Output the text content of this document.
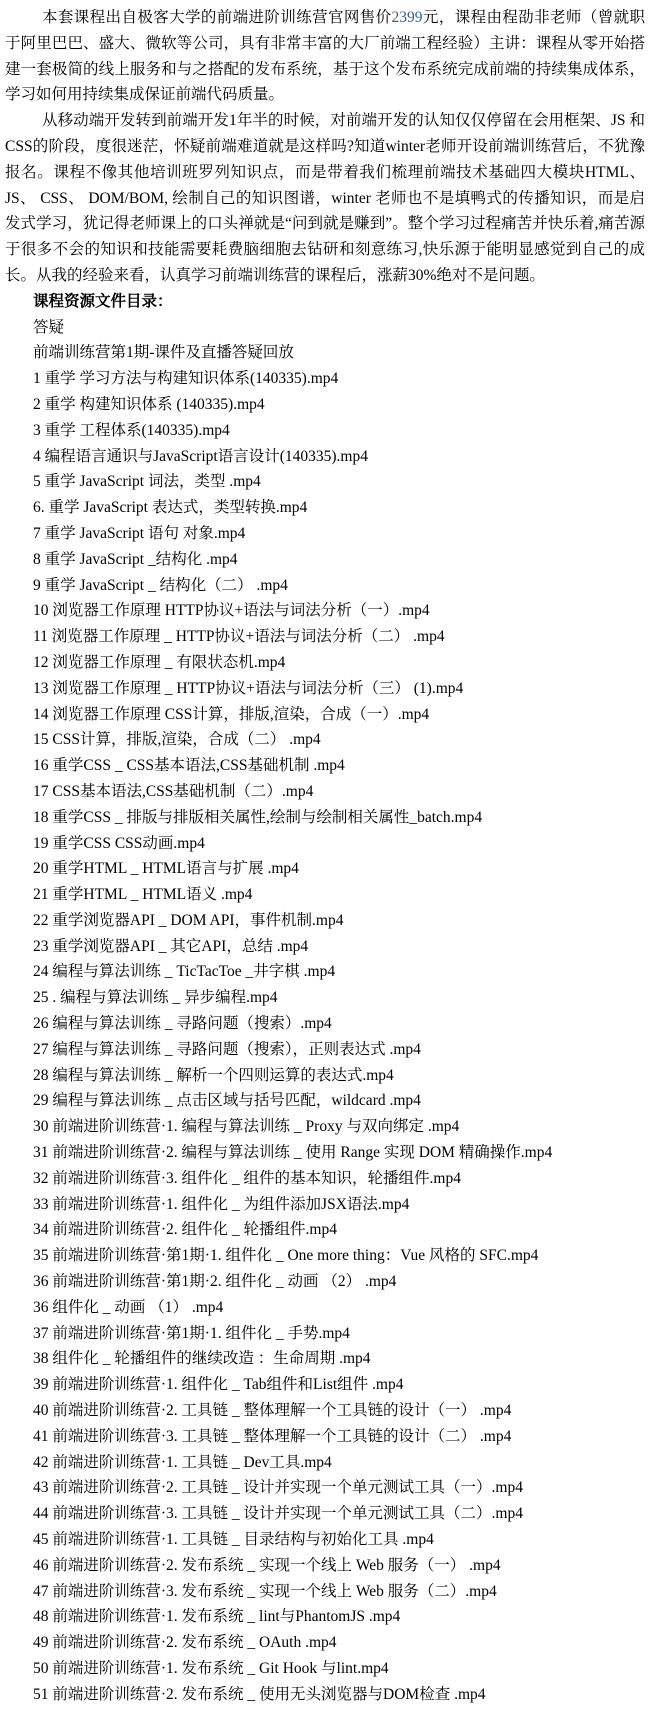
本套课程出自极客大学的前端进阶训练营官网售价2399元，课程由程劭非老师（曾就职于阿里巴巴、盛大、微软等公司，具有非常丰富的大厂前端工程经验）主讲：课程从零开始搭建一套极简的线上服务和与之搭配的发布系统，基于这个发布系统完成前端的持续集成体系，学习如何用持续集成保证前端代码质量。

从移动端开发转到前端开发1年半的时候，对前端开发的认知仅仅停留在会用框架、JS 和CSS的阶段，度很迷茫，怀疑前端难道就是这样吗?知道winter老师开设前端训练营后，不犹豫报名。课程不像其他培训班罗列知识点，而是带着我们梳理前端技术基础四大模块HTML、JS、 CSS、 DOM/BOM, 绘制自己的知识图谱，winter 老师也不是填鸭式的传播知识，而是启发式学习，犹记得老师课上的口头禅就是“问到就是赚到”。整个学习过程痛苦并快乐着,痛苦源于很多不会的知识和技能需要耗费脑细胞去钻研和刻意练习,快乐源于能明显感觉到自己的成长。从我的经验来看，认真学习前端训练营的课程后，涨薪30%绝对不是问题。

课程资源文件目录：

答疑
前端训练营第1期-课件及直播答疑回放
1 重学 学习方法与构建知识体系(140335).mp4
2 重学 构建知识体系 (140335).mp4
3 重学 工程体系(140335).mp4
4 编程语言通识与JavaScript语言设计(140335).mp4
5 重学 JavaScript 词法，类型 .mp4
6. 重学 JavaScript 表达式，类型转换.mp4
7 重学 JavaScript 语句 对象.mp4
8 重学 JavaScript _结构化 .mp4
9 重学 JavaScript _ 结构化（二） .mp4
10 浏览器工作原理 HTTP协议+语法与词法分析（一）.mp4
11 浏览器工作原理 _ HTTP协议+语法与词法分析（二） .mp4
12 浏览器工作原理 _ 有限状态机.mp4
13 浏览器工作原理 _ HTTP协议+语法与词法分析（三） (1).mp4
14 浏览器工作原理 CSS计算，排版,渲染，合成（一）.mp4
15 CSS计算，排版,渲染，合成（二） .mp4
16 重学CSS _ CSS基本语法,CSS基础机制 .mp4
17 CSS基本语法,CSS基础机制（二）.mp4
18 重学CSS _ 排版与排版相关属性,绘制与绘制相关属性_batch.mp4
19 重学CSS CSS动画.mp4
20 重学HTML _ HTML语言与扩展 .mp4
21 重学HTML _ HTML语义 .mp4
22 重学浏览器API _ DOM API，事件机制.mp4
23 重学浏览器API _ 其它API，总结 .mp4
24 编程与算法训练 _ TicTacToe _井字棋 .mp4
25 . 编程与算法训练 _ 异步编程.mp4
26 编程与算法训练 _ 寻路问题（搜索）.mp4
27 编程与算法训练 _ 寻路问题（搜索），正则表达式 .mp4
28 编程与算法训练 _ 解析一个四则运算的表达式.mp4
29 编程与算法训练 _ 点击区域与括号匹配，wildcard .mp4
30 前端进阶训练营·1. 编程与算法训练 _ Proxy 与双向绑定 .mp4
31 前端进阶训练营·2. 编程与算法训练 _ 使用 Range 实现 DOM 精确操作.mp4
32 前端进阶训练营·3. 组件化 _ 组件的基本知识，轮播组件.mp4
33 前端进阶训练营·1. 组件化 _ 为组件添加JSX语法.mp4
34 前端进阶训练营·2. 组件化 _ 轮播组件.mp4
35 前端进阶训练营·第1期·1. 组件化 _ One more thing：Vue 风格的 SFC.mp4
36 前端进阶训练营·第1期·2. 组件化 _ 动画 （2） .mp4
36 组件化 _ 动画 （1） .mp4
37 前端进阶训练营·第1期·1. 组件化 _ 手势.mp4
38 组件化 _ 轮播组件的继续改造 ：生命周期 .mp4
39 前端进阶训练营·1. 组件化 _ Tab组件和List组件 .mp4
40 前端进阶训练营·2. 工具链 _ 整体理解一个工具链的设计（一） .mp4
41 前端进阶训练营·3. 工具链 _ 整体理解一个工具链的设计（二） .mp4
42 前端进阶训练营·1. 工具链 _ Dev工具.mp4
43 前端进阶训练营·2. 工具链 _ 设计并实现一个单元测试工具（一）.mp4
44 前端进阶训练营·3. 工具链 _ 设计并实现一个单元测试工具（二）.mp4
45 前端进阶训练营·1. 工具链 _ 目录结构与初始化工具 .mp4
46 前端进阶训练营·2. 发布系统 _ 实现一个线上 Web 服务（一） .mp4
47 前端进阶训练营·3. 发布系统 _ 实现一个线上 Web 服务（二）.mp4
48 前端进阶训练营·1. 发布系统 _ lint与PhantomJS .mp4
49 前端进阶训练营·2. 发布系统 _ OAuth .mp4
50 前端进阶训练营·1. 发布系统 _ Git Hook 与lint.mp4
51 前端进阶训练营·2. 发布系统 _ 使用无头浏览器与DOM检查 .mp4
